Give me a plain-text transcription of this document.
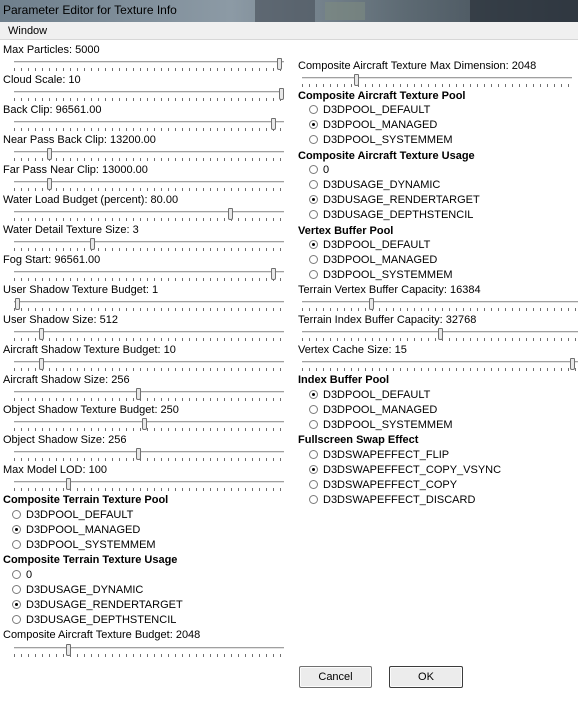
Parameter Editor for Texture Info
Window
Max Particles: 5000
Cloud Scale: 10
Back Clip: 96561.00
Near Pass Back Clip: 13200.00
Far Pass Near Clip: 13000.00
Water Load Budget (percent): 80.00
Water Detail Texture Size: 3
Fog Start: 96561.00
User Shadow Texture Budget: 1
User Shadow Size: 512
Aircraft Shadow Texture Budget: 10
Aircraft Shadow Size: 256
Object Shadow Texture Budget: 250
Object Shadow Size: 256
Max Model LOD: 100
Composite Terrain Texture Pool
D3DPOOL_DEFAULT
D3DPOOL_MANAGED
D3DPOOL_SYSTEMMEM
Composite Terrain Texture Usage
0
D3DUSAGE_DYNAMIC
D3DUSAGE_RENDERTARGET
D3DUSAGE_DEPTHSTENCIL
Composite Aircraft Texture Budget: 2048
Composite Aircraft Texture Max Dimension: 2048
Composite Aircraft Texture Pool
D3DPOOL_DEFAULT
D3DPOOL_MANAGED
D3DPOOL_SYSTEMMEM
Composite Aircraft Texture Usage
0
D3DUSAGE_DYNAMIC
D3DUSAGE_RENDERTARGET
D3DUSAGE_DEPTHSTENCIL
Vertex Buffer Pool
D3DPOOL_DEFAULT
D3DPOOL_MANAGED
D3DPOOL_SYSTEMMEM
Terrain Vertex Buffer Capacity: 16384
Terrain Index Buffer Capacity: 32768
Vertex Cache Size: 15
Index Buffer Pool
D3DPOOL_DEFAULT
D3DPOOL_MANAGED
D3DPOOL_SYSTEMMEM
Fullscreen Swap Effect
D3DSWAPEFFECT_FLIP
D3DSWAPEFFECT_COPY_VSYNC
D3DSWAPEFFECT_COPY
D3DSWAPEFFECT_DISCARD
Cancel	OK
